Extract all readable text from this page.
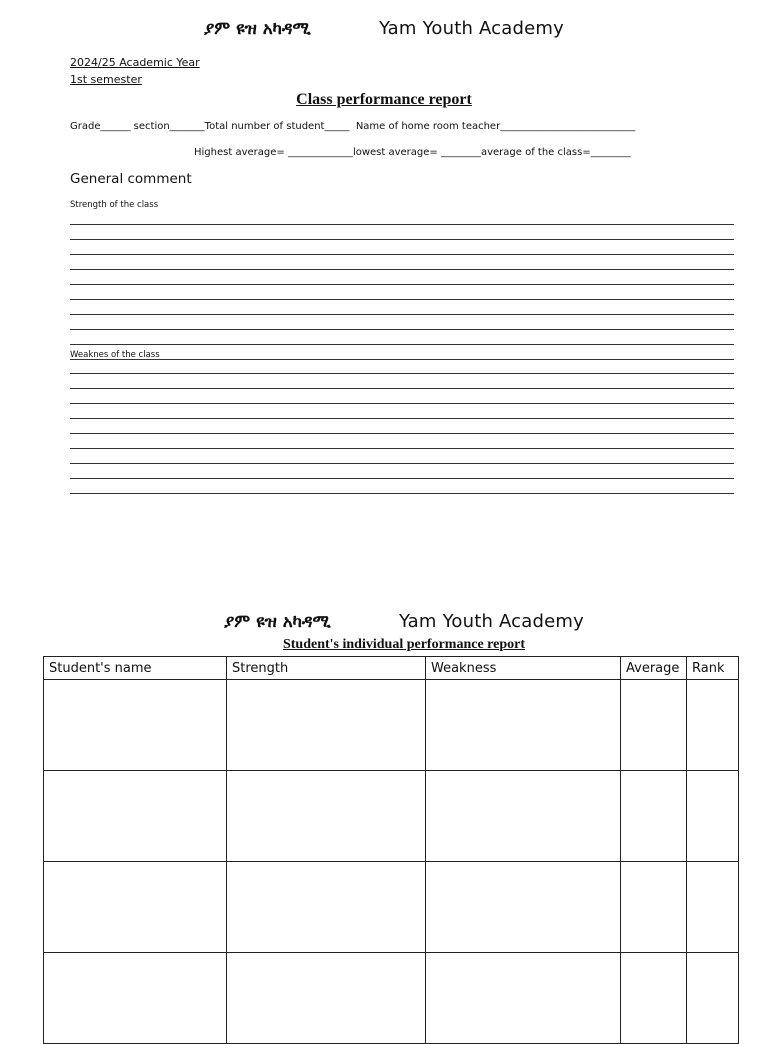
ያም ዩዝ አካዳሚ	Yam Youth Academy
2024/25 Academic Year
1st semester
Class performance report
Grade______ section_______Total number of student_____  Name of home room teacher___________________________
Highest average= _____________lowest average= ________average of the class=________
General comment
Strength of the class
Weaknes of the class
ያም ዩዝ አካዳሚ	Yam Youth Academy
Student's individual performance report
Student's name	Strength	Weakness	Average	Rank
